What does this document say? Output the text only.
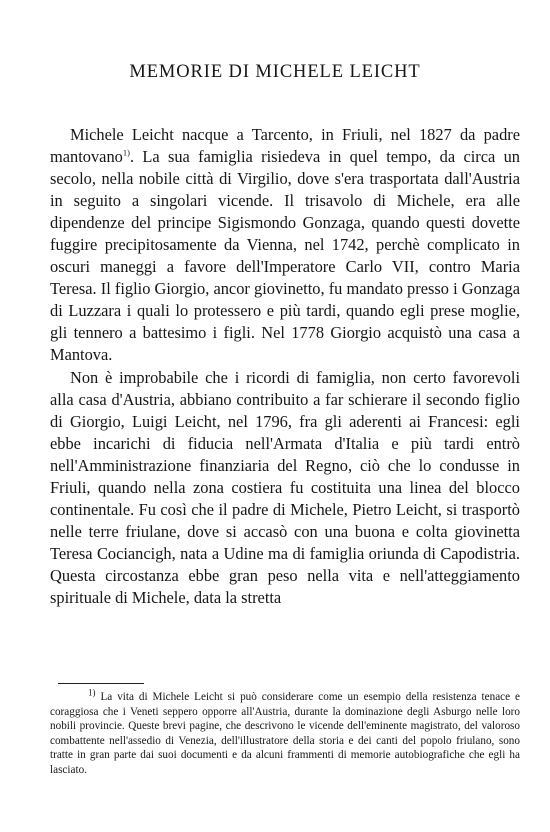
MEMORIE DI MICHELE LEICHT

Michele Leicht nacque a Tarcento, in Friuli, nel 1827 da padre mantovano$^{1)}$. La sua famiglia risiedeva in quel tempo, da circa un secolo, nella nobile città di Virgilio, dove s'era trasportata dall'Austria in seguito a singolari vicende. Il trisavolo di Michele, era alle dipendenze del principe Sigismondo Gonzaga, quando questi dovette fuggire precipitosamente da Vienna, nel 1742, perchè complicato in oscuri maneggi a favore dell'Imperatore Carlo VII, contro Maria Teresa. Il figlio Giorgio, ancor giovinetto, fu mandato presso i Gonzaga di Luzzara i quali lo protessero e più tardi, quando egli prese moglie, gli tennero a battesimo i figli. Nel 1778 Giorgio acquistò una casa a Mantova.

Non è improbabile che i ricordi di famiglia, non certo favorevoli alla casa d'Austria, abbiano contribuito a far schierare il secondo figlio di Giorgio, Luigi Leicht, nel 1796, fra gli aderenti ai Francesi: egli ebbe incarichi di fiducia nell'Armata d'Italia e più tardi entrò nell'Amministrazione finanziaria del Regno, ciò che lo condusse in Friuli, quando nella zona costiera fu costituita una linea del blocco continentale. Fu così che il padre di Michele, Pietro Leicht, si trasportò nelle terre friulane, dove si accasò con una buona e colta giovinetta Teresa Cociancigh, nata a Udine ma di famiglia oriunda di Capodistria. Questa circostanza ebbe gran peso nella vita e nell'atteggiamento spirituale di Michele, data la stretta

$^{1)}$ La vita di Michele Leicht si può considerare come un esempio della resistenza tenace e coraggiosa che i Veneti seppero opporre all'Austria, durante la dominazione degli Asburgo nelle loro nobili provincie. Queste brevi pagine, che descrivono le vicende dell'eminente magistrato, del valoroso combattente nell'assedio di Venezia, dell'illustratore della storia e dei canti del popolo friulano, sono tratte in gran parte dai suoi documenti e da alcuni frammenti di memorie autobiografiche che egli ha lasciato.
